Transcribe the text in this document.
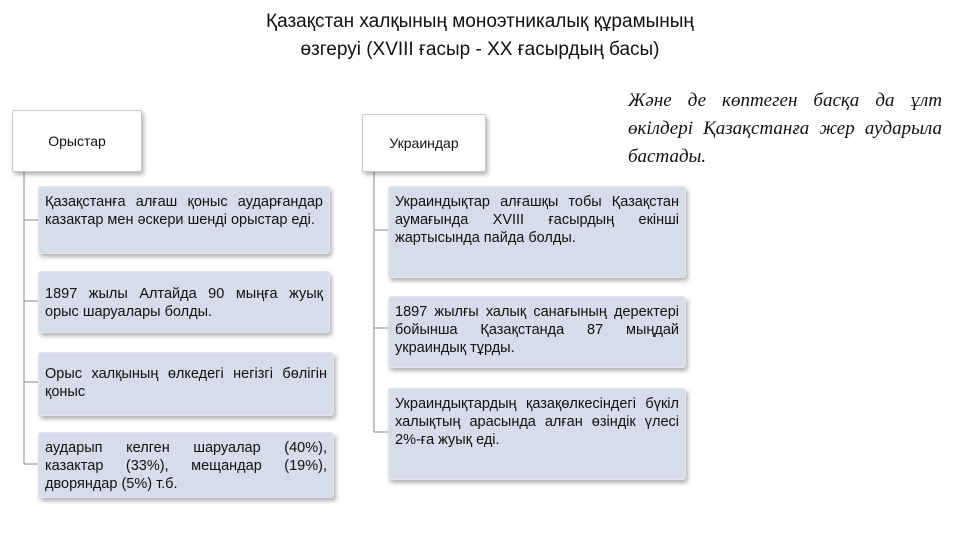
Қазақстан халқының моноэтникалық құрамының
өзгеруі (XVIII ғасыр - XX ғасырдың басы)
Және де көптеген басқа да ұлт өкілдері Қазақстанға жер аударыла бастады.
Орыстар
Қазақстанға алғаш қоныс аударғандар казактар мен әскери шенді орыстар еді.
1897 жылы Алтайда 90 мыңға жуық орыс шаруалары болды.
Орыс халқының өлкедегі негізгі бөлігін қоныс
аударып келген шаруалар (40%), казактар (33%), мещандар (19%), дворяндар (5%) т.б.
Украиндар
Украиндықтар алғашқы тобы Қазақстан аумағында XVIII ғасырдың екінші жартысында пайда болды.
1897 жылғы халық санағының деректері бойынша Қазақстанда 87 мыңдай украиндық тұрды.
Украиндықтардың қазақөлкесіндегі бүкіл халықтың арасында алған өзіндік үлесі 2%-ға жуық еді.
